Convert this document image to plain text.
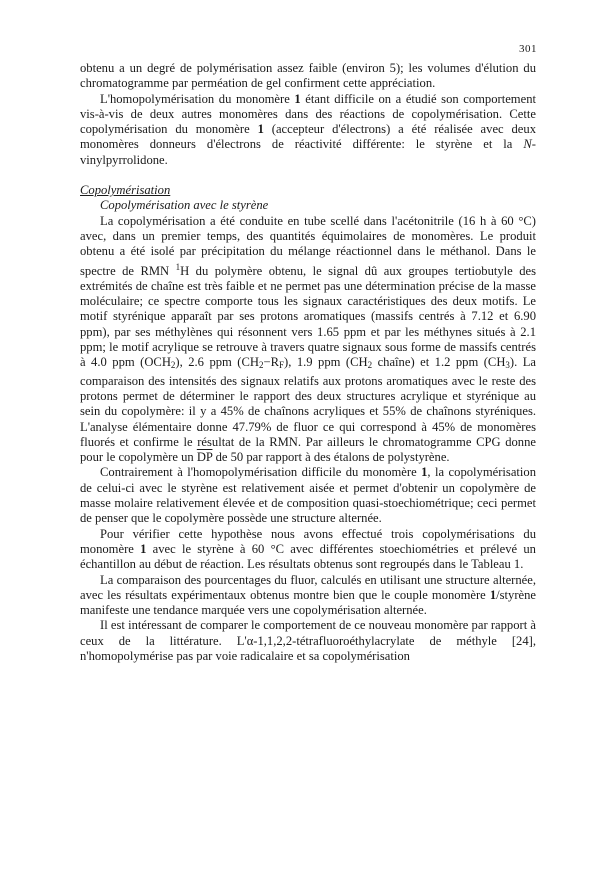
301

obtenu a un degré de polymérisation assez faible (environ 5); les volumes d'élution du chromatogramme par perméation de gel confirment cette appréciation.

L'homopolymérisation du monomère 1 étant difficile on a étudié son comportement vis-à-vis de deux autres monomères dans des réactions de copolymérisation. Cette copolymérisation du monomère 1 (accepteur d'électrons) a été réalisée avec deux monomères donneurs d'électrons de réactivité différente: le styrène et la N-vinylpyrrolidone.

Copolymérisation

Copolymérisation avec le styrène

La copolymérisation a été conduite en tube scellé dans l'acétonitrile (16 h à 60 °C) avec, dans un premier temps, des quantités équimolaires de monomères. Le produit obtenu a été isolé par précipitation du mélange réactionnel dans le méthanol. Dans le spectre de RMN $^1$H du polymère obtenu, le signal dû aux groupes tertiobutyle des extrémités de chaîne est très faible et ne permet pas une détermination précise de la masse moléculaire; ce spectre comporte tous les signaux caractéristiques des deux motifs. Le motif styrénique apparaît par ses protons aromatiques (massifs centrés à 7.12 et 6.90 ppm), par ses méthylènes qui résonnent vers 1.65 ppm et par les méthynes situés à 2.1 ppm; le motif acrylique se retrouve à travers quatre signaux sous forme de massifs centrés à 4.0 ppm $(OCH_2)$, 2.6 ppm $(CH_2-R_F)$, 1.9 ppm ($CH_2$ chaîne) et 1.2 ppm $(CH_3)$. La comparaison des intensités des signaux relatifs aux protons aromatiques avec le reste des protons permet de déterminer le rapport des deux structures acrylique et styrénique au sein du copolymère: il y a 45% de chaînons acryliques et 55% de chaînons styréniques. L'analyse élémentaire donne 47.79% de fluor ce qui correspond à 45% de monomères fluorés et confirme le résultat de la RMN. Par ailleurs le chromatogramme CPG donne pour le copolymère un $\overline{DP}$ de 50 par rapport à des étalons de polystyrène.

Contrairement à l'homopolymérisation difficile du monomère 1, la copolymérisation de celui-ci avec le styrène est relativement aisée et permet d'obtenir un copolymère de masse molaire relativement élevée et de composition quasi-stoechiométrique; ceci permet de penser que le copolymère possède une structure alternée.

Pour vérifier cette hypothèse nous avons effectué trois copolymérisations du monomère 1 avec le styrène à 60 °C avec différentes stoechiométries et prélevé un échantillon au début de réaction. Les résultats obtenus sont regroupés dans le Tableau 1.

La comparaison des pourcentages du fluor, calculés en utilisant une structure alternée, avec les résultats expérimentaux obtenus montre bien que le couple monomère 1/styrène manifeste une tendance marquée vers une copolymérisation alternée.

Il est intéressant de comparer le comportement de ce nouveau monomère par rapport à ceux de la littérature. L'α-1,1,2,2-tétrafluoroéthylacrylate de méthyle [24], n'homopolymérise pas par voie radicalaire et sa copolymérisation
